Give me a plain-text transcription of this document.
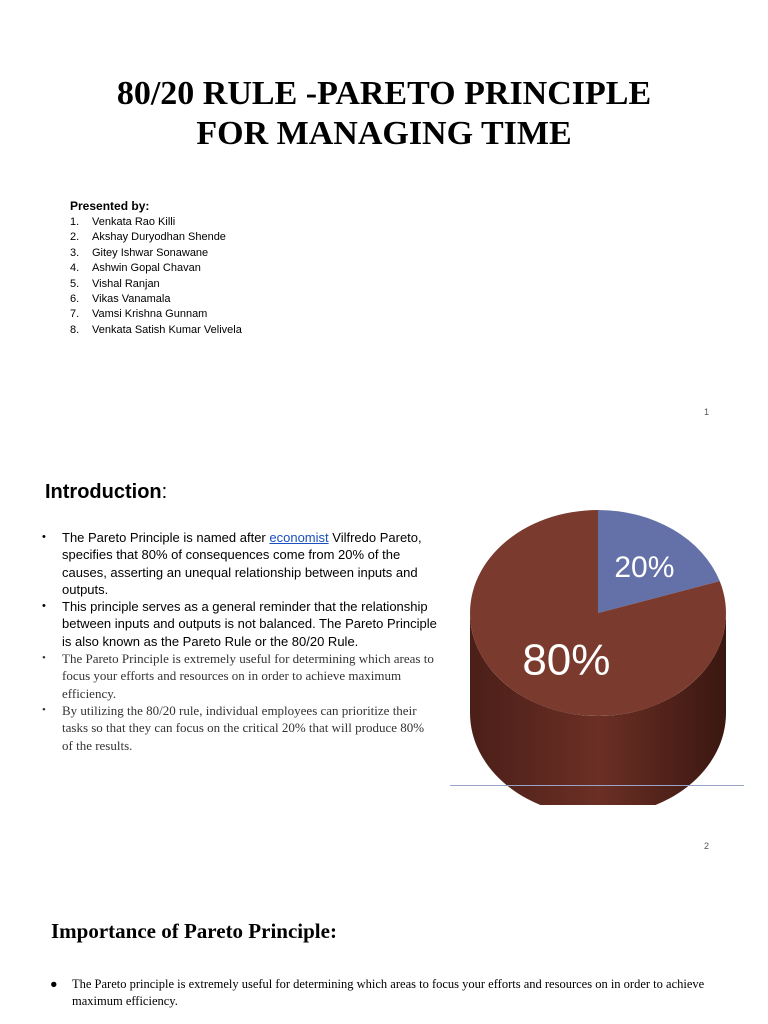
80/20 RULE -PARETO PRINCIPLE
FOR MANAGING TIME

Presented by:

1.	Venkata Rao Killi
2.	Akshay Duryodhan Shende
3.	Gitey Ishwar Sonawane
4.	Ashwin Gopal Chavan
5.	Vishal Ranjan
6.	Vikas Vanamala
7.	Vamsi Krishna Gunnam
8.	Venkata Satish Kumar Velivela
1
Introduction:
• The Pareto Principle is named after economist Vilfredo Pareto, specifies that 80% of consequences come from 20% of the causes, asserting an unequal relationship between inputs and outputs.
• This principle serves as a general reminder that the relationship between inputs and outputs is not balanced. The Pareto Principle is also known as the Pareto Rule or the 80/20 Rule.
• The Pareto Principle is extremely useful for determining which areas to focus your efforts and resources on in order to achieve maximum efficiency.
• By utilizing the 80/20 rule, individual employees can prioritize their tasks so that they can focus on the critical 20% that will produce 80% of the results.
20%
80%
2
Importance of Pareto Principle:
● The Pareto principle is extremely useful for determining which areas to focus your efforts and resources on in order to achieve maximum efficiency.
